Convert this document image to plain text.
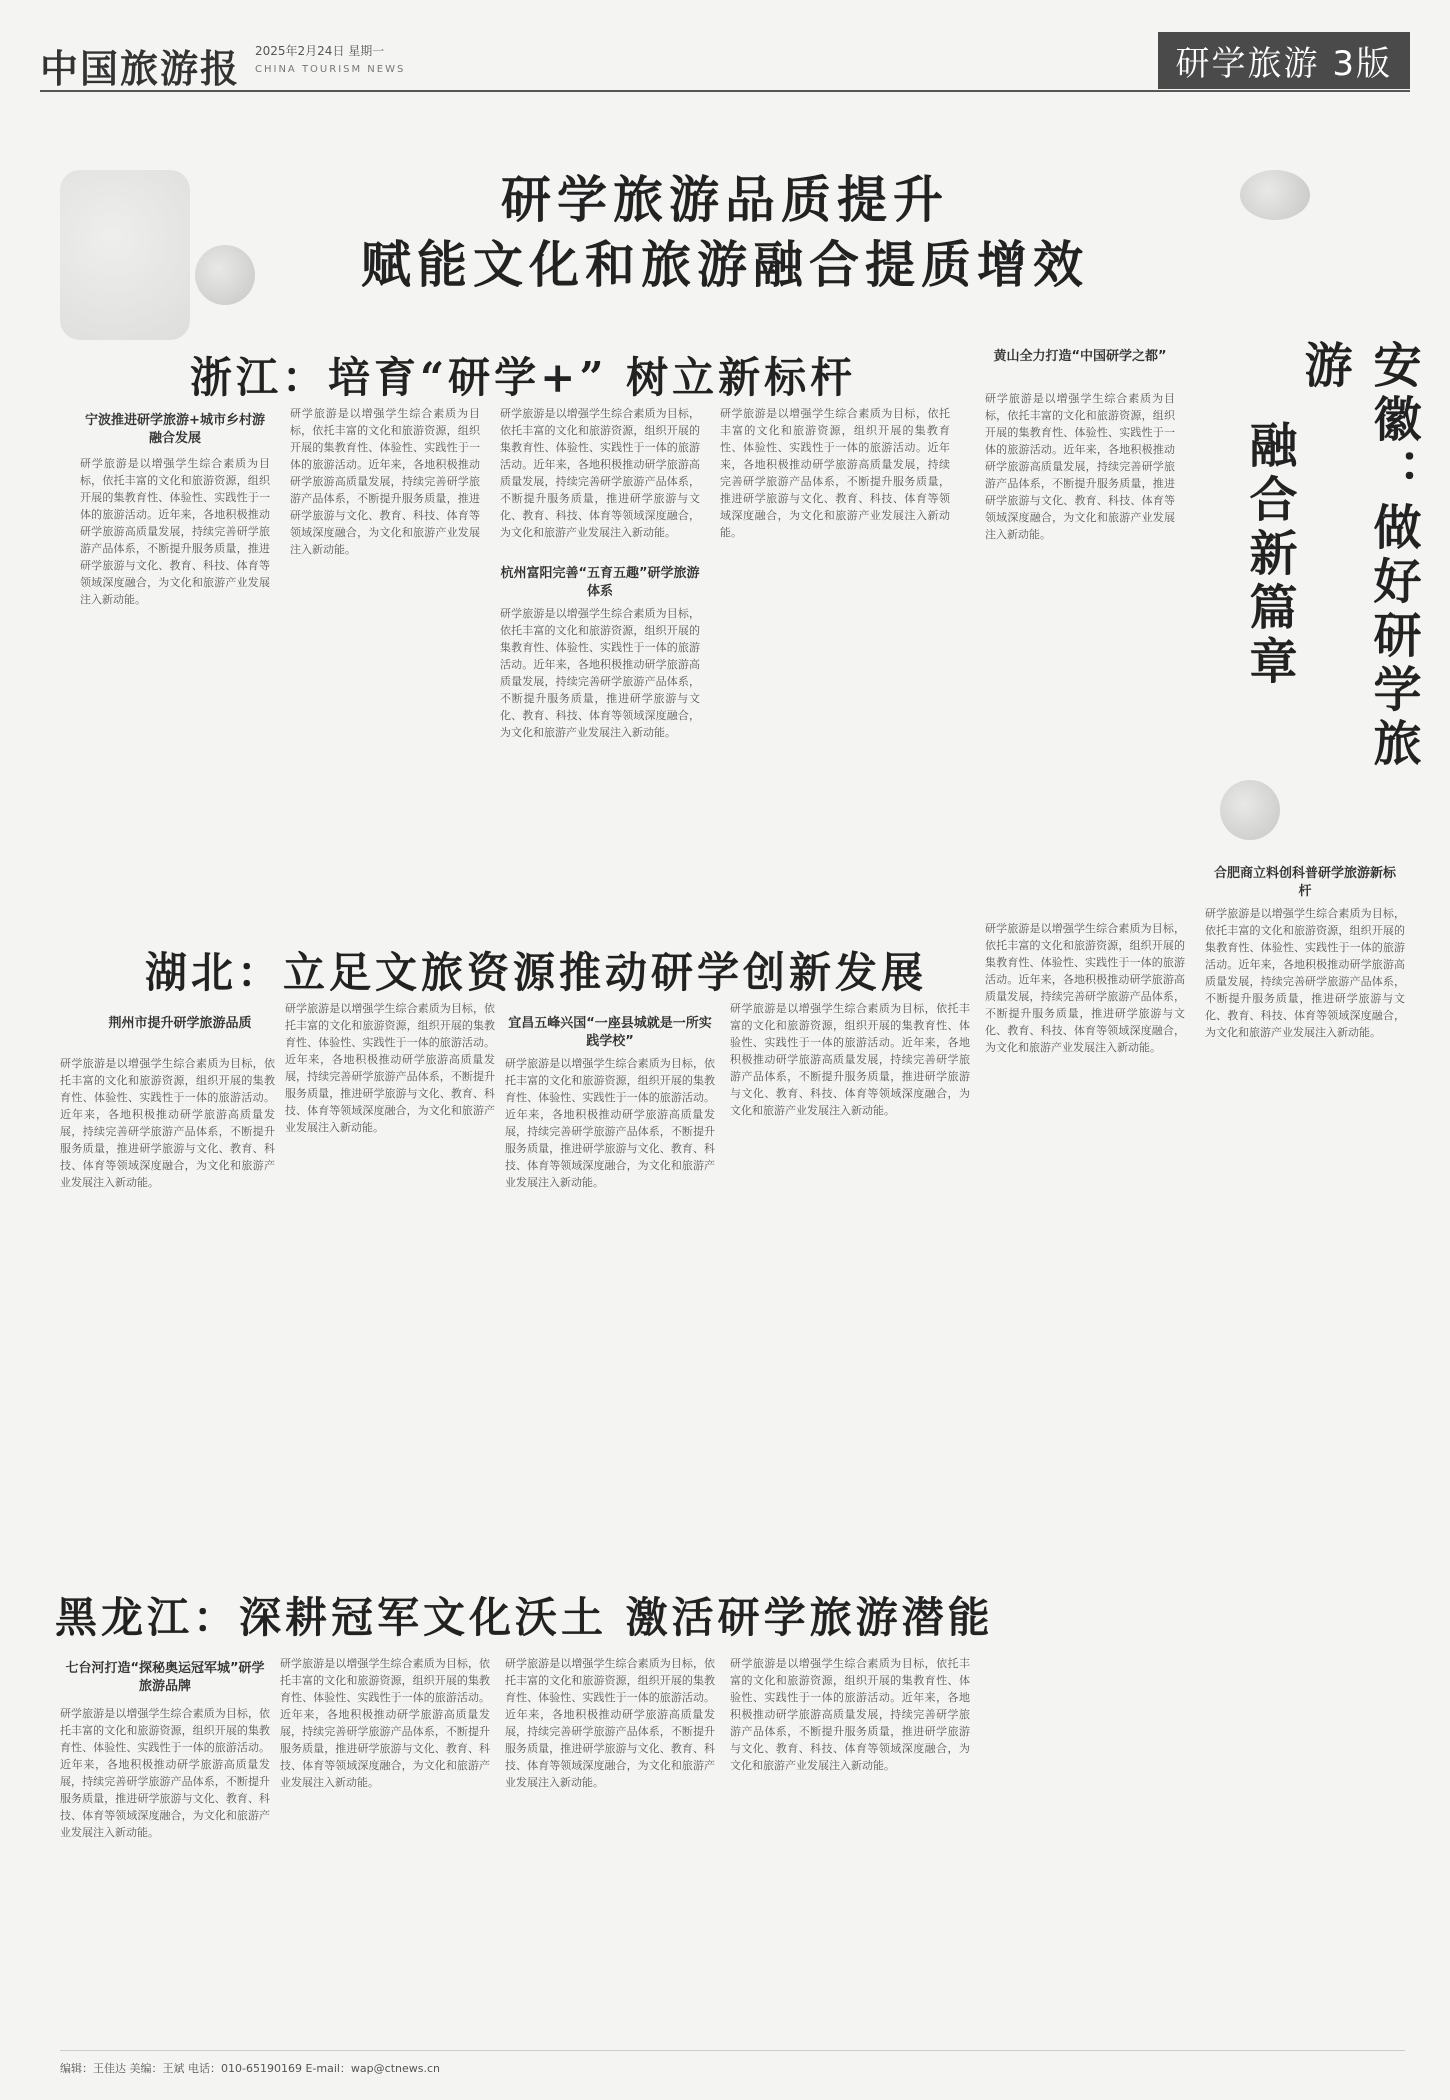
中国旅游报 2025年2月24日 星期一
CHINA TOURISM NEWS	研学旅游 3版
研学旅游品质提升
赋能文化和旅游融合提质增效
浙江：培育“研学+” 树立新标杆
宁波推进研学旅游+城市乡村游融合发展
研学旅游是以增强学生综合素质为目标，依托丰富的文化和旅游资源，组织开展的集教育性、体验性、实践性于一体的旅游活动。近年来，各地积极推动研学旅游高质量发展，持续完善研学旅游产品体系，不断提升服务质量，推进研学旅游与文化、教育、科技、体育等领域深度融合，为文化和旅游产业发展注入新动能。
研学旅游是以增强学生综合素质为目标，依托丰富的文化和旅游资源，组织开展的集教育性、体验性、实践性于一体的旅游活动。近年来，各地积极推动研学旅游高质量发展，持续完善研学旅游产品体系，不断提升服务质量，推进研学旅游与文化、教育、科技、体育等领域深度融合，为文化和旅游产业发展注入新动能。
研学旅游是以增强学生综合素质为目标，依托丰富的文化和旅游资源，组织开展的集教育性、体验性、实践性于一体的旅游活动。近年来，各地积极推动研学旅游高质量发展，持续完善研学旅游产品体系，不断提升服务质量，推进研学旅游与文化、教育、科技、体育等领域深度融合，为文化和旅游产业发展注入新动能。
杭州富阳完善“五育五趣”研学旅游体系
研学旅游是以增强学生综合素质为目标，依托丰富的文化和旅游资源，组织开展的集教育性、体验性、实践性于一体的旅游活动。近年来，各地积极推动研学旅游高质量发展，持续完善研学旅游产品体系，不断提升服务质量，推进研学旅游与文化、教育、科技、体育等领域深度融合，为文化和旅游产业发展注入新动能。
研学旅游是以增强学生综合素质为目标，依托丰富的文化和旅游资源，组织开展的集教育性、体验性、实践性于一体的旅游活动。近年来，各地积极推动研学旅游高质量发展，持续完善研学旅游产品体系，不断提升服务质量，推进研学旅游与文化、教育、科技、体育等领域深度融合，为文化和旅游产业发展注入新动能。
黄山全力打造“中国研学之都”
研学旅游是以增强学生综合素质为目标，依托丰富的文化和旅游资源，组织开展的集教育性、体验性、实践性于一体的旅游活动。近年来，各地积极推动研学旅游高质量发展，持续完善研学旅游产品体系，不断提升服务质量，推进研学旅游与文化、教育、科技、体育等领域深度融合，为文化和旅游产业发展注入新动能。	安徽：做好研学旅游
融合新篇章
合肥商立料创科普研学旅游新标杆
研学旅游是以增强学生综合素质为目标，依托丰富的文化和旅游资源，组织开展的集教育性、体验性、实践性于一体的旅游活动。近年来，各地积极推动研学旅游高质量发展，持续完善研学旅游产品体系，不断提升服务质量，推进研学旅游与文化、教育、科技、体育等领域深度融合，为文化和旅游产业发展注入新动能。
研学旅游是以增强学生综合素质为目标，依托丰富的文化和旅游资源，组织开展的集教育性、体验性、实践性于一体的旅游活动。近年来，各地积极推动研学旅游高质量发展，持续完善研学旅游产品体系，不断提升服务质量，推进研学旅游与文化、教育、科技、体育等领域深度融合，为文化和旅游产业发展注入新动能。
湖北：立足文旅资源推动研学创新发展
荆州市提升研学旅游品质
研学旅游是以增强学生综合素质为目标，依托丰富的文化和旅游资源，组织开展的集教育性、体验性、实践性于一体的旅游活动。近年来，各地积极推动研学旅游高质量发展，持续完善研学旅游产品体系，不断提升服务质量，推进研学旅游与文化、教育、科技、体育等领域深度融合，为文化和旅游产业发展注入新动能。
研学旅游是以增强学生综合素质为目标，依托丰富的文化和旅游资源，组织开展的集教育性、体验性、实践性于一体的旅游活动。近年来，各地积极推动研学旅游高质量发展，持续完善研学旅游产品体系，不断提升服务质量，推进研学旅游与文化、教育、科技、体育等领域深度融合，为文化和旅游产业发展注入新动能。
宜昌五峰兴国“一座县城就是一所实践学校”
研学旅游是以增强学生综合素质为目标，依托丰富的文化和旅游资源，组织开展的集教育性、体验性、实践性于一体的旅游活动。近年来，各地积极推动研学旅游高质量发展，持续完善研学旅游产品体系，不断提升服务质量，推进研学旅游与文化、教育、科技、体育等领域深度融合，为文化和旅游产业发展注入新动能。
研学旅游是以增强学生综合素质为目标，依托丰富的文化和旅游资源，组织开展的集教育性、体验性、实践性于一体的旅游活动。近年来，各地积极推动研学旅游高质量发展，持续完善研学旅游产品体系，不断提升服务质量，推进研学旅游与文化、教育、科技、体育等领域深度融合，为文化和旅游产业发展注入新动能。
黑龙江：深耕冠军文化沃土 激活研学旅游潜能
七台河打造“探秘奥运冠军城”研学旅游品牌
研学旅游是以增强学生综合素质为目标，依托丰富的文化和旅游资源，组织开展的集教育性、体验性、实践性于一体的旅游活动。近年来，各地积极推动研学旅游高质量发展，持续完善研学旅游产品体系，不断提升服务质量，推进研学旅游与文化、教育、科技、体育等领域深度融合，为文化和旅游产业发展注入新动能。
研学旅游是以增强学生综合素质为目标，依托丰富的文化和旅游资源，组织开展的集教育性、体验性、实践性于一体的旅游活动。近年来，各地积极推动研学旅游高质量发展，持续完善研学旅游产品体系，不断提升服务质量，推进研学旅游与文化、教育、科技、体育等领域深度融合，为文化和旅游产业发展注入新动能。
研学旅游是以增强学生综合素质为目标，依托丰富的文化和旅游资源，组织开展的集教育性、体验性、实践性于一体的旅游活动。近年来，各地积极推动研学旅游高质量发展，持续完善研学旅游产品体系，不断提升服务质量，推进研学旅游与文化、教育、科技、体育等领域深度融合，为文化和旅游产业发展注入新动能。
研学旅游是以增强学生综合素质为目标，依托丰富的文化和旅游资源，组织开展的集教育性、体验性、实践性于一体的旅游活动。近年来，各地积极推动研学旅游高质量发展，持续完善研学旅游产品体系，不断提升服务质量，推进研学旅游与文化、教育、科技、体育等领域深度融合，为文化和旅游产业发展注入新动能。
编辑：王佳达 美编：王斌 电话：010-65190169 E-mail：wap@ctnews.cn
